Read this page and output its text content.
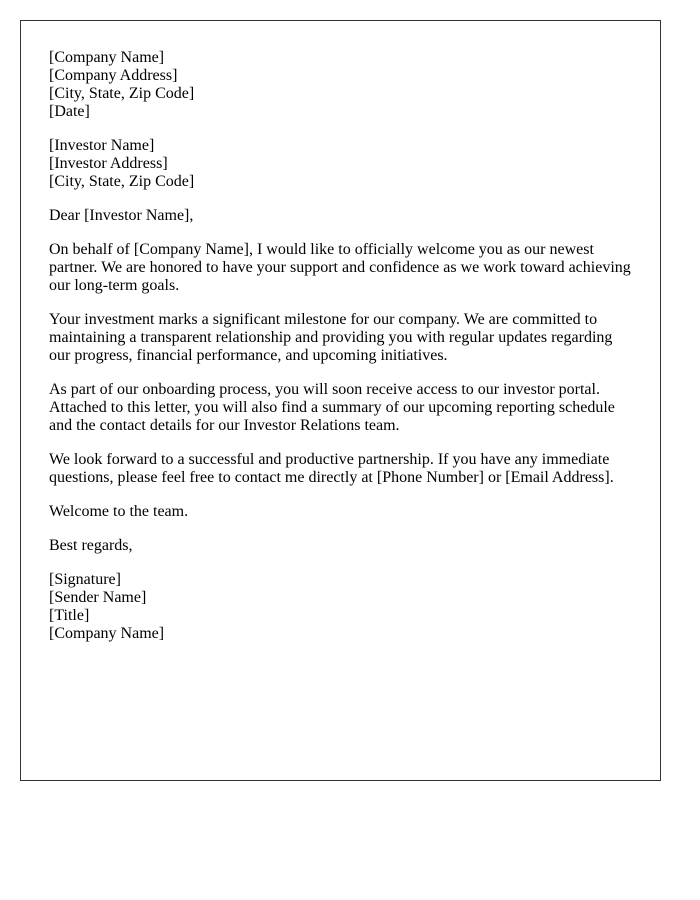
[Company Name]
[Company Address]
[City, State, Zip Code]
[Date]
[Investor Name]
[Investor Address]
[City, State, Zip Code]
Dear [Investor Name],
On behalf of [Company Name], I would like to officially welcome you as our newest
partner. We are honored to have your support and confidence as we work toward achieving
our long-term goals.
Your investment marks a significant milestone for our company. We are committed to
maintaining a transparent relationship and providing you with regular updates regarding
our progress, financial performance, and upcoming initiatives.
As part of our onboarding process, you will soon receive access to our investor portal.
Attached to this letter, you will also find a summary of our upcoming reporting schedule
and the contact details for our Investor Relations team.
We look forward to a successful and productive partnership. If you have any immediate
questions, please feel free to contact me directly at [Phone Number] or [Email Address].
Welcome to the team.
Best regards,
[Signature]
[Sender Name]
[Title]
[Company Name]
